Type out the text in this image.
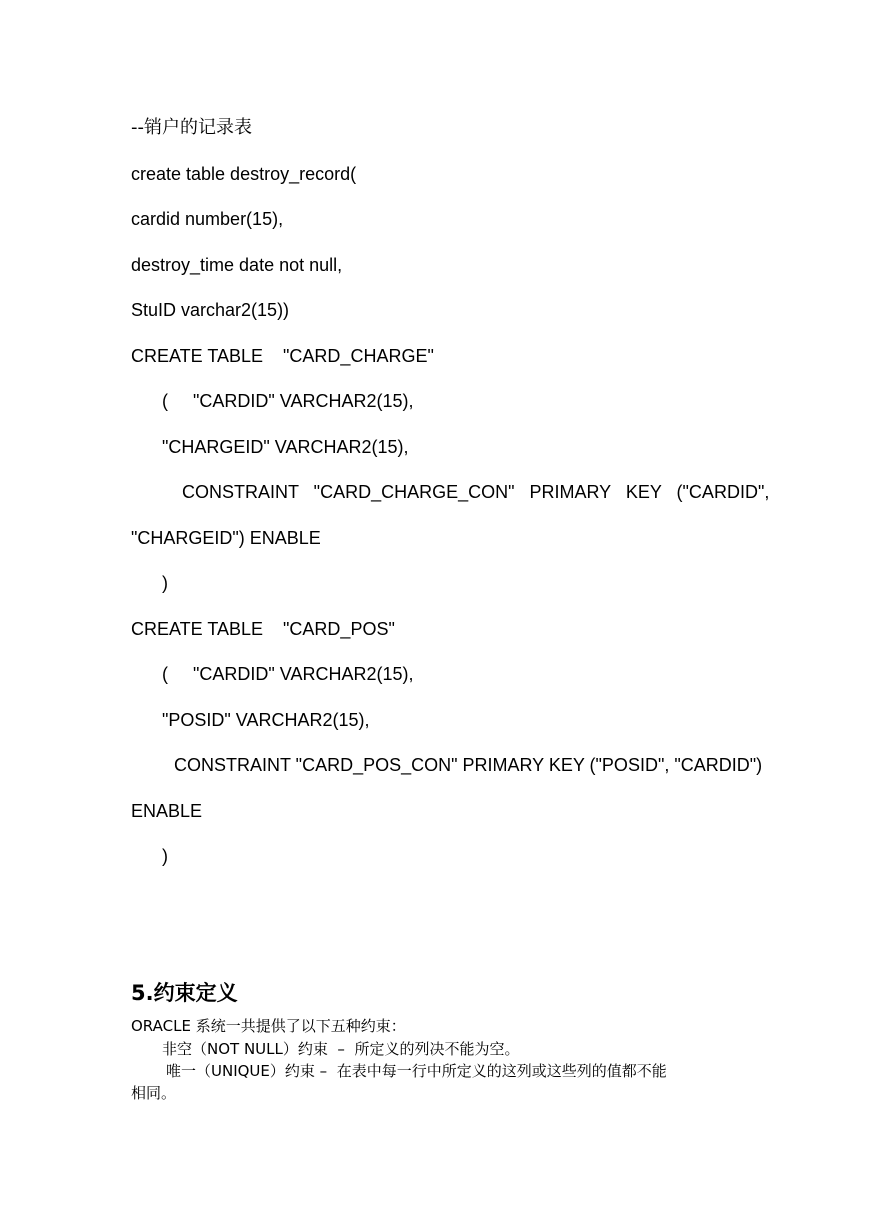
--销户的记录表
create table destroy_record(
cardid number(15),
destroy_time date not null,
StuID varchar2(15))
CREATE TABLE    "CARD_CHARGE"
(     "CARDID" VARCHAR2(15),
"CHARGEID" VARCHAR2(15),
CONSTRAINT   "CARD_CHARGE_CON"   PRIMARY   KEY   ("CARDID",
"CHARGEID") ENABLE
)
CREATE TABLE    "CARD_POS"
(     "CARDID" VARCHAR2(15),
"POSID" VARCHAR2(15),
CONSTRAINT "CARD_POS_CON" PRIMARY KEY ("POSID", "CARDID")
ENABLE
)
5.约束定义
ORACLE 系统一共提供了以下五种约束：
非空（NOT NULL）约束  –  所定义的列决不能为空。
唯一（UNIQUE）约束 –  在表中每一行中所定义的这列或这些列的值都不能
相同。
